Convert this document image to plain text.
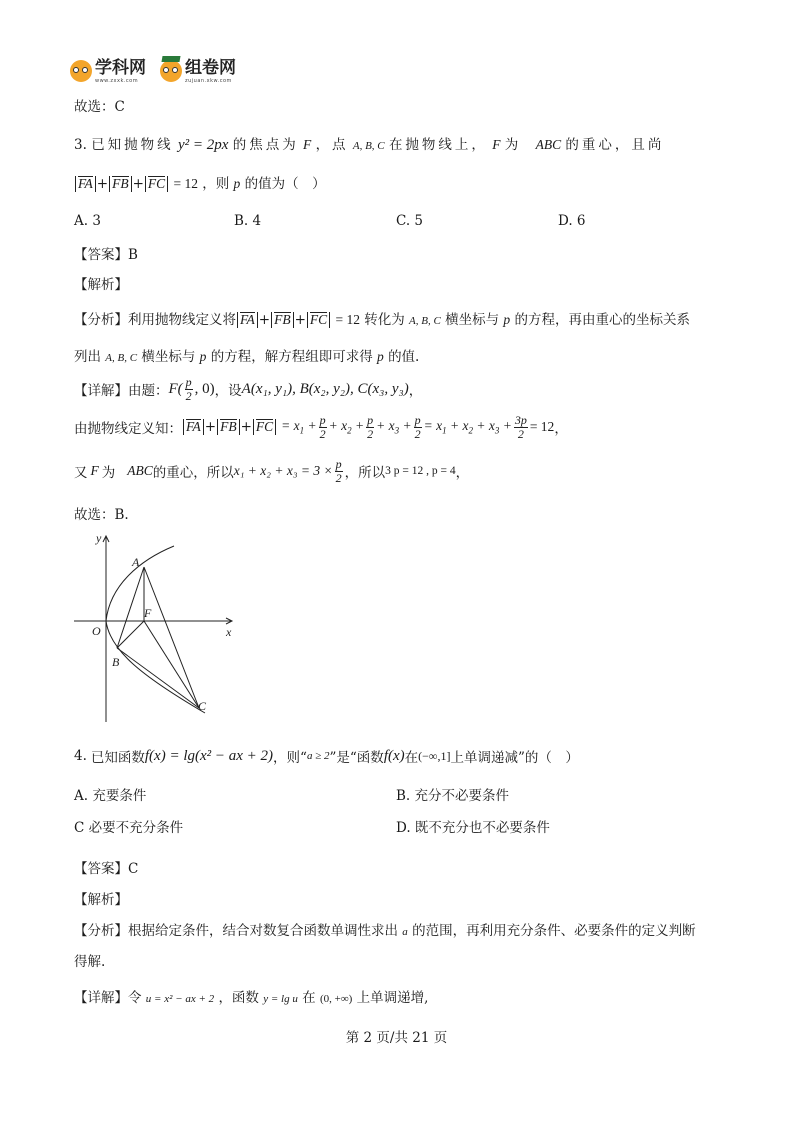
学科网
www.zxxk.com
组卷网
zujuan.xkw.com
故选：C
3. 已知抛物线 y² = 2px 的焦点为 F ，点 A, B, C 在抛物线上， F 为 ABC 的重心，且尚
FA + FB + FC = 12 ，则 p 的值为（　）
A. 3	B. 4	C. 5	D. 6
【答案】B
【解析】
【分析】利用抛物线定义将 FA + FB + FC = 12 转化为 A, B, C 横坐标与 p 的方程，再由重心的坐标关系
列出 A, B, C 横坐标与 p 的方程，解方程组即可求得 p 的值.
【详解】由题： $F( \frac{p}{2}$ , 0) ，设 A(x₁, y₁), B(x₂, y₂), C(x₃, y₃) ，
由抛物线定义知： FA + FB + FC = $x_1 + \frac{p}{2} + x_2 + \frac{p}{2} + x_3 + \frac{p}{2} = x_1 + x_2 + x_3 + \frac{3p}{2} = 12$ ，
又 F 为 ABC 的重心，所以 $x_1 + x_2 + x_3 = 3 \times \frac{p}{2}$ ，所以 3 p = 12 , p = 4 ，
故选：B.
y
x
O
A
F
B
C
4. 已知函数 f(x) = lg(x² − ax + 2) ，则“ a ≥ 2 ”是“函数 f(x) 在 (−∞,1] 上单调递减”的（　）
A. 充要条件	B. 充分不必要条件
C 必要不充分条件	D. 既不充分也不必要条件
【答案】C
【解析】
【分析】根据给定条件，结合对数复合函数单调性求出 a 的范围，再利用充分条件、必要条件的定义判断
得解.
【详解】令 u = x² − ax + 2 ，函数 y = lg u 在 (0, +∞) 上单调递增,
第 2 页/共 21 页
